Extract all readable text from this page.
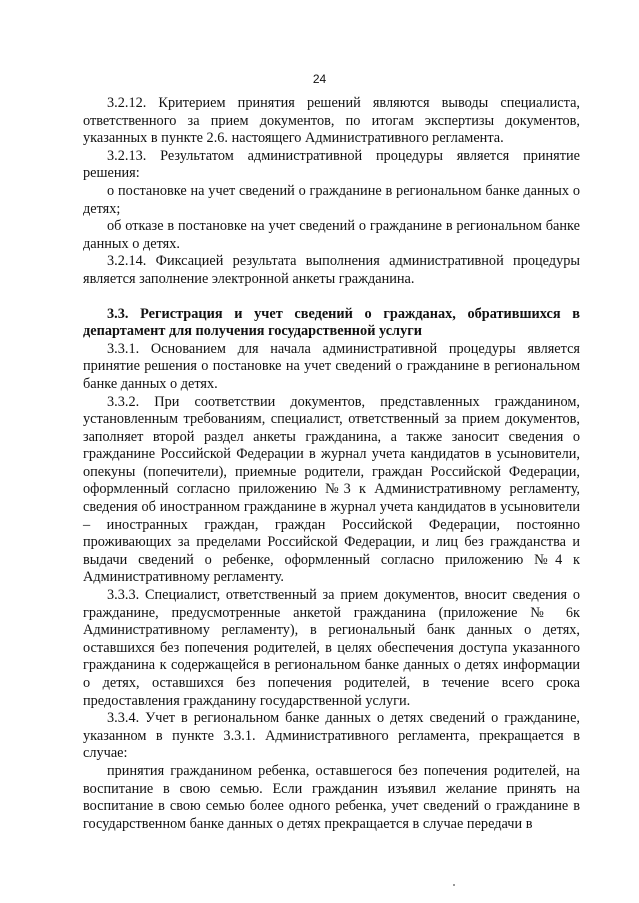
24

3.2.12. Критерием принятия решений являются выводы специалиста, ответственного за прием документов, по итогам экспертизы документов, указанных в пункте 2.6. настоящего Административного регламента.

3.2.13. Результатом административной процедуры является принятие решения:

о постановке на учет сведений о гражданине в региональном банке данных о детях;

об отказе в постановке на учет сведений о гражданине в региональном банке данных о детях.

3.2.14. Фиксацией результата выполнения административной процедуры является заполнение электронной анкеты гражданина.

3.3. Регистрация и учет сведений о гражданах, обратившихся в департамент для получения государственной услуги

3.3.1. Основанием для начала административной процедуры является принятие решения о постановке на учет сведений о гражданине в региональном банке данных о детях.

3.3.2. При соответствии документов, представленных гражданином, установленным требованиям, специалист, ответственный за прием документов, заполняет второй раздел анкеты гражданина, а также заносит сведения о гражданине Российской Федерации в журнал учета кандидатов в усыновители, опекуны (попечители), приемные родители, граждан Российской Федерации, оформленный согласно приложению №3 к Административному регламенту, сведения об иностранном гражданине в журнал учета кандидатов в усыновители – иностранных граждан, граждан Российской Федерации, постоянно проживающих за пределами Российской Федерации, и лиц без гражданства и выдачи сведений о ребенке, оформленный согласно приложению №4 к Административному регламенту.

3.3.3. Специалист, ответственный за прием документов, вносит сведения о гражданине, предусмотренные анкетой гражданина (приложение № 6к Административному регламенту), в региональный банк данных о детях, оставшихся без попечения родителей, в целях обеспечения доступа указанного гражданина к содержащейся в региональном банке данных о детях информации о детях, оставшихся без попечения родителей, в течение всего срока предоставления гражданину государственной услуги.

3.3.4. Учет в региональном банке данных о детях сведений о гражданине, указанном в пункте 3.3.1. Административного регламента, прекращается в случае:

принятия гражданином ребенка, оставшегося без попечения родителей, на воспитание в свою семью. Если гражданин изъявил желание принять на воспитание в свою семью более одного ребенка, учет сведений о гражданине в государственном банке данных о детях прекращается в случае передачи в
